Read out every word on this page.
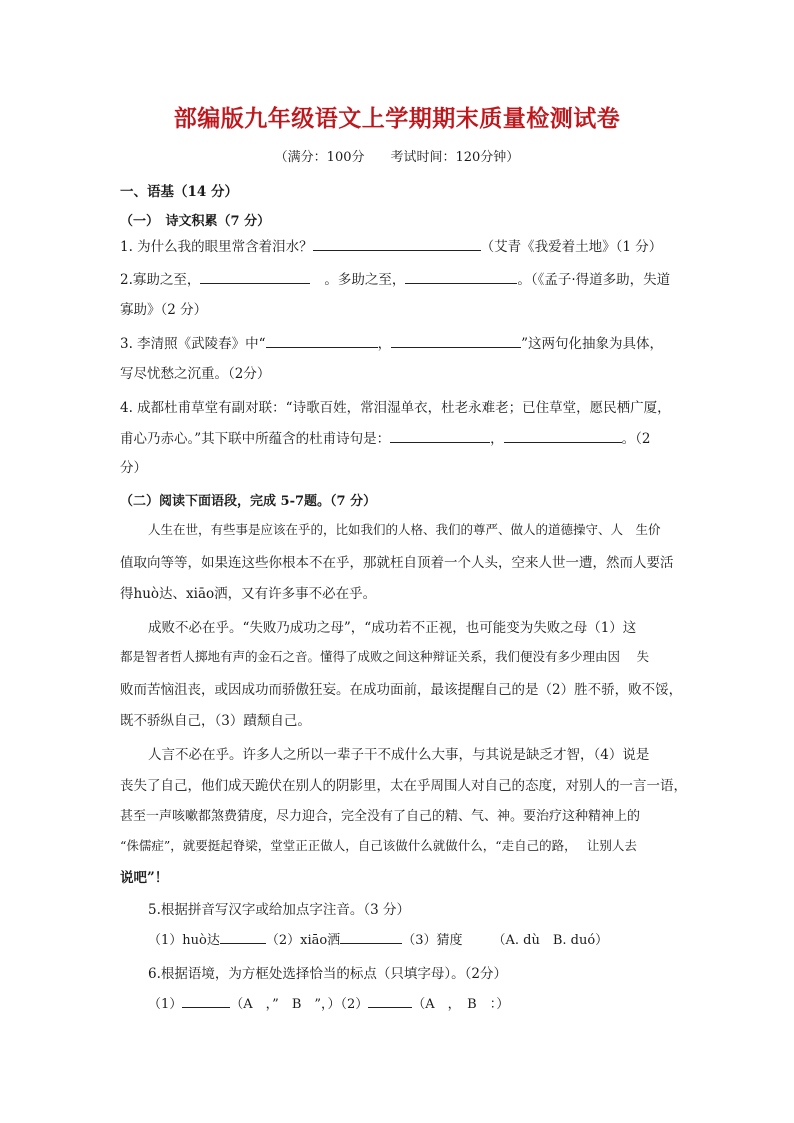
部编版九年级语文上学期期末质量检测试卷
（满分：100分　　考试时间：120分钟）
一、语基（14 分）
（一）　诗文积累（7 分）
1. 为什么我的眼里常含着泪水？	（艾青《我爱着土地》（1 分）
2.寡助之至，	。多助之至，	。（《孟子·得道多助，失道
寡助》（2 分）
3. 李清照《武陵春》中“	，	”这两句化抽象为具体，
写尽忧愁之沉重。（2分）
4. 成都杜甫草堂有副对联：“诗歌百姓，常泪湿单衣，杜老永难老；已住草堂，愿民栖广厦，
甫心乃赤心。”其下联中所蕴含的杜甫诗句是：	，	。（2
分）
（二）阅读下面语段，完成 5-7题。（7 分）
人生在世，有些事是应该在乎的，比如我们的人格、我们的尊严、做人的道德操守、人　生价
值取向等等，如果连这些你根本不在乎，那就枉自顶着一个人头，空来人世一遭，然而人要活
得huò达、xiāo洒，又有许多事不必在乎。
成败不必在乎。“失败乃成功之母”，“成功若不正视，也可能变为失败之母（1）这
都是智者哲人掷地有声的金石之音。懂得了成败之间这种辩证关系，我们便没有多少理由因　 失
败而苦恼沮丧，或因成功而骄傲狂妄。在成功面前，最该提醒自己的是（2）胜不骄，败不馁，
既不骄纵自己，（3）蹟颓自己。
人言不必在乎。许多人之所以一辈子干不成什么大事，与其说是缺乏才智，（4）说是
丧失了自己，他们成天跪伏在别人的阴影里，太在乎周围人对自己的态度，对别人的一言一语，
甚至一声咳嗽都煞费猜度，尽力迎合，完全没有了自己的精、气、神。要治疗这种精神上的
“侏儒症”，就要挺起脊梁，堂堂正正做人，自己该做什么就做什么，“走自己的路，　 让别人去
说吧”！
5.根据拼音写汉字或给加点字注音。（3 分）
（1）huò达	（2）xiāo洒	（3）猜度 （A. dù　B. duó）
6.根据语境，为方框处选择恰当的标点（只填字母）。（2分）
（1）	（A　，”　B　”，）（2）	（A　，　B　：）
